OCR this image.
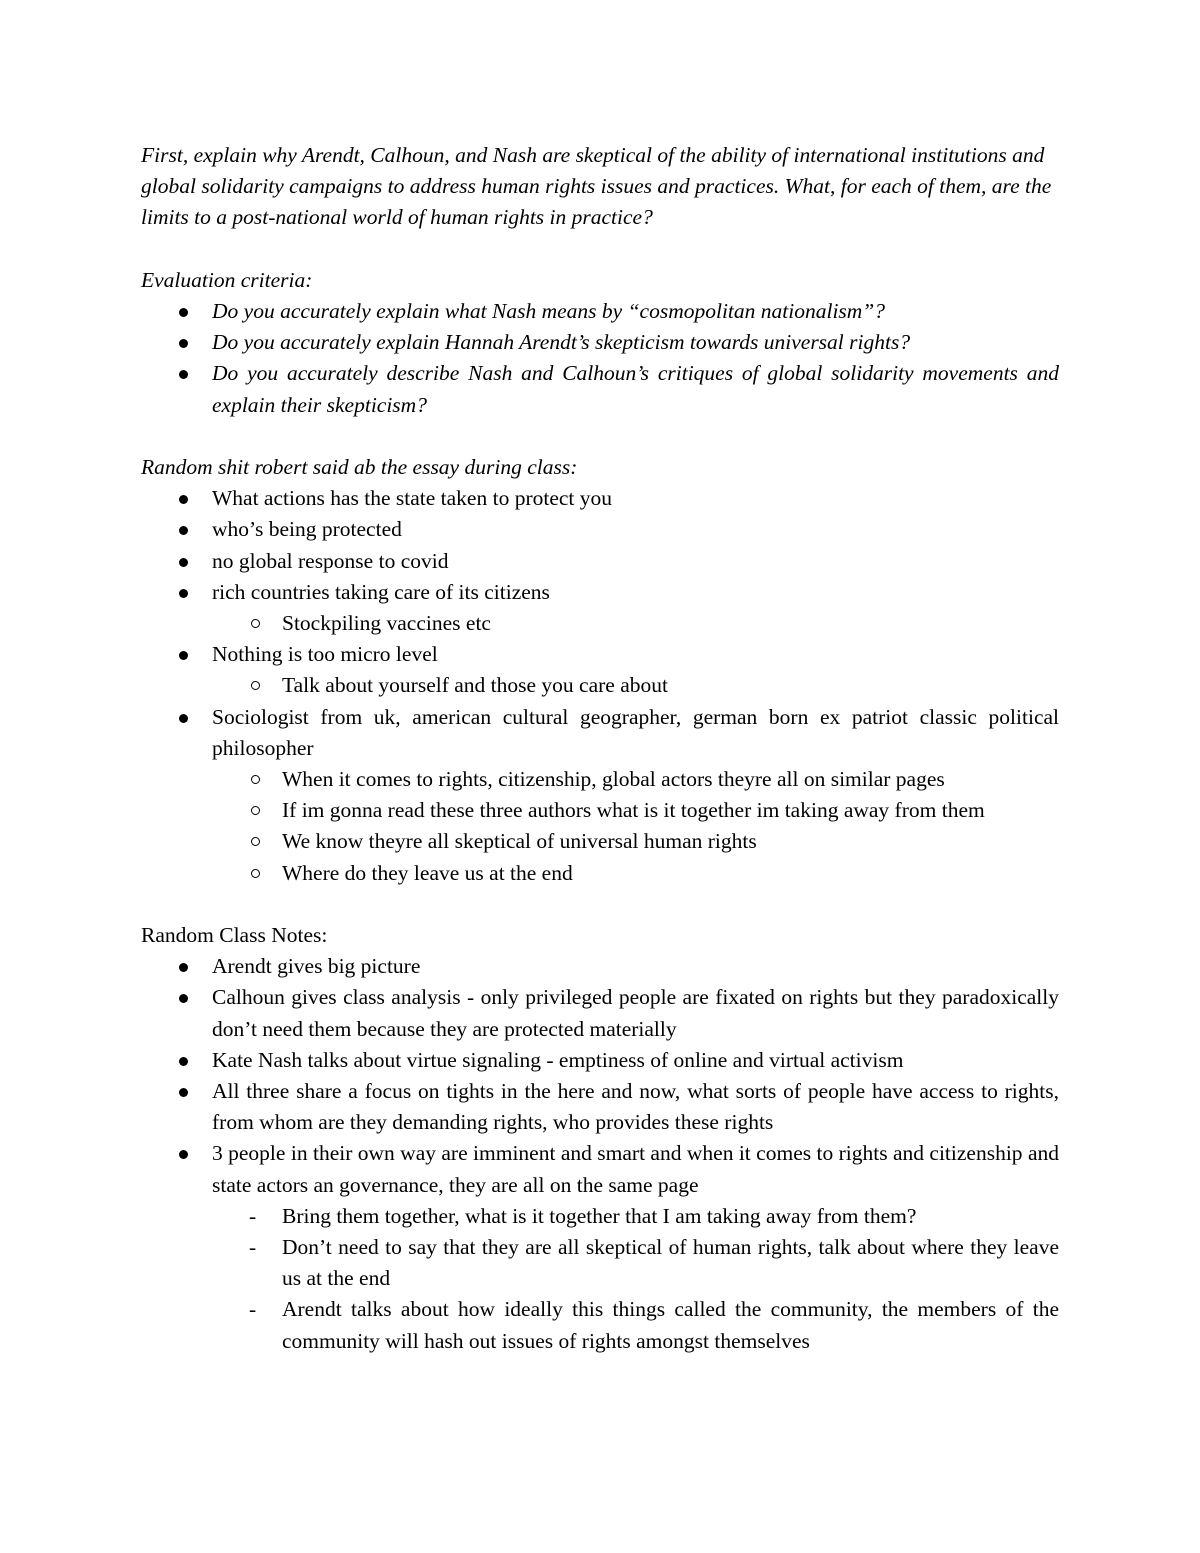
First, explain why Arendt, Calhoun, and Nash are skeptical of the ability of international institutions and global solidarity campaigns to address human rights issues and practices. What, for each of them, are the limits to a post-national world of human rights in practice?

Evaluation criteria:

Do you accurately explain what Nash means by “cosmopolitan nationalism”?
Do you accurately explain Hannah Arendt’s skepticism towards universal rights?
Do you accurately describe Nash and Calhoun’s critiques of global solidarity movements and explain their skepticism?

Random shit robert said ab the essay during class:

What actions has the state taken to protect you
who’s being protected
no global response to covid
rich countries taking care of its citizens
Stockpiling vaccines etc
Nothing is too micro level
Talk about yourself and those you care about
Sociologist from uk, american cultural geographer, german born ex patriot classic political philosopher
When it comes to rights, citizenship, global actors theyre all on similar pages
If im gonna read these three authors what is it together im taking away from them
We know theyre all skeptical of universal human rights
Where do they leave us at the end

Random Class Notes:

Arendt gives big picture
Calhoun gives class analysis - only privileged people are fixated on rights but they paradoxically don’t need them because they are protected materially
Kate Nash talks about virtue signaling - emptiness of online and virtual activism
All three share a focus on tights in the here and now, what sorts of people have access to rights, from whom are they demanding rights, who provides these rights
3 people in their own way are imminent and smart and when it comes to rights and citizenship and state actors an governance, they are all on the same page
- Bring them together, what is it together that I am taking away from them?
- Don’t need to say that they are all skeptical of human rights, talk about where they leave us at the end
- Arendt talks about how ideally this things called the community, the members of the community will hash out issues of rights amongst themselves
